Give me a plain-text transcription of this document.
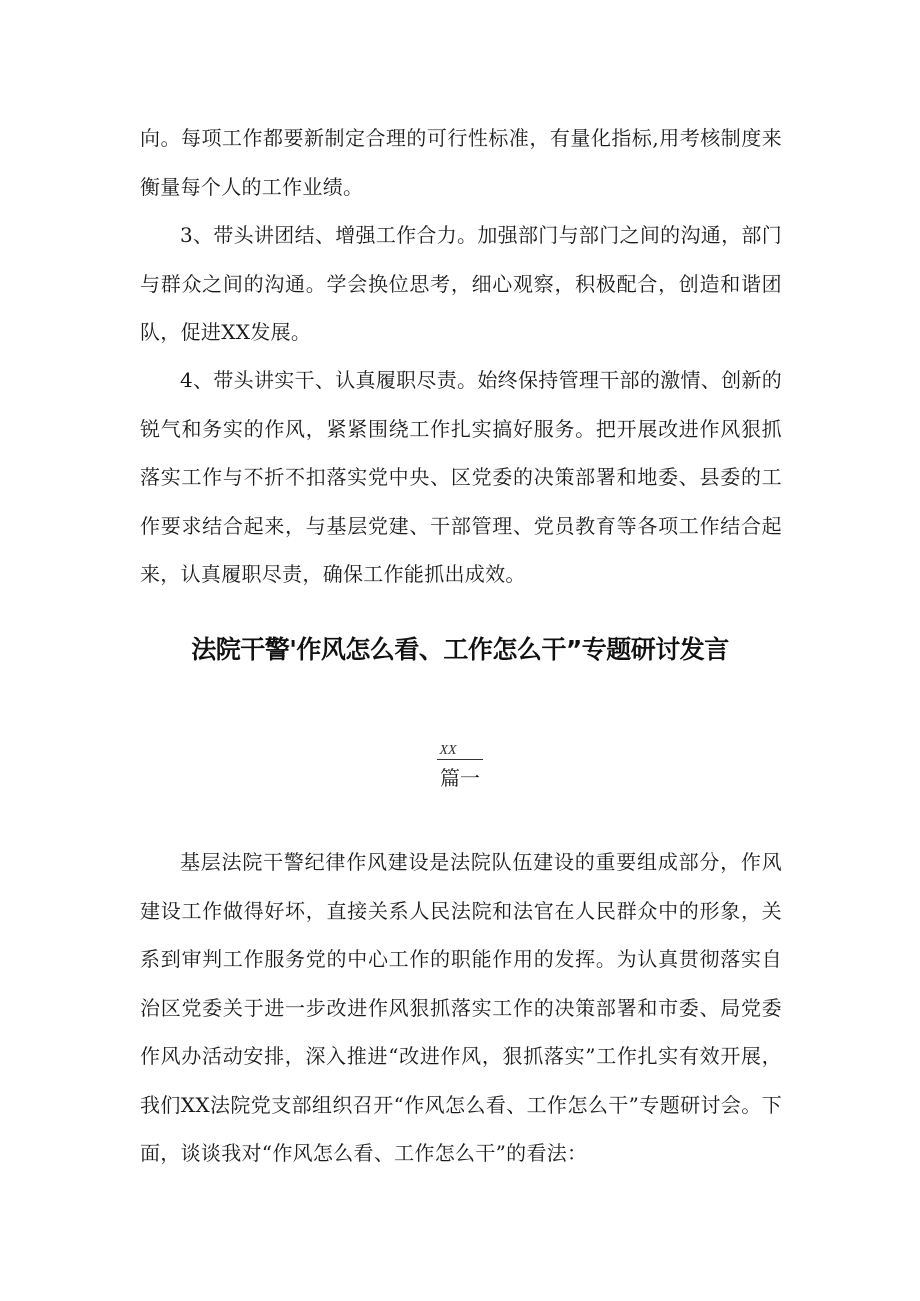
向。每项工作都要新制定合理的可行性标准，有量化指标,用考核制度来衡量每个人的工作业绩。

3、带头讲团结、增强工作合力。加强部门与部门之间的沟通，部门与群众之间的沟通。学会换位思考，细心观察，积极配合，创造和谐团队，促进XX发展。

4、带头讲实干、认真履职尽责。始终保持管理干部的激情、创新的锐气和务实的作风，紧紧围绕工作扎实搞好服务。把开展改进作风狠抓落实工作与不折不扣落实党中央、区党委的决策部署和地委、县委的工作要求结合起来，与基层党建、干部管理、党员教育等各项工作结合起来，认真履职尽责，确保工作能抓出成效。

法院干警'作风怎么看、工作怎么干”专题研讨发言
XX
篇一

基层法院干警纪律作风建设是法院队伍建设的重要组成部分，作风建设工作做得好坏，直接关系人民法院和法官在人民群众中的形象，关系到审判工作服务党的中心工作的职能作用的发挥。为认真贯彻落实自治区党委关于进一步改进作风狠抓落实工作的决策部署和市委、局党委作风办活动安排，深入推进“改进作风，狠抓落实”工作扎实有效开展，我们XX法院党支部组织召开“作风怎么看、工作怎么干”专题研讨会。下面，谈谈我对“作风怎么看、工作怎么干”的看法：
